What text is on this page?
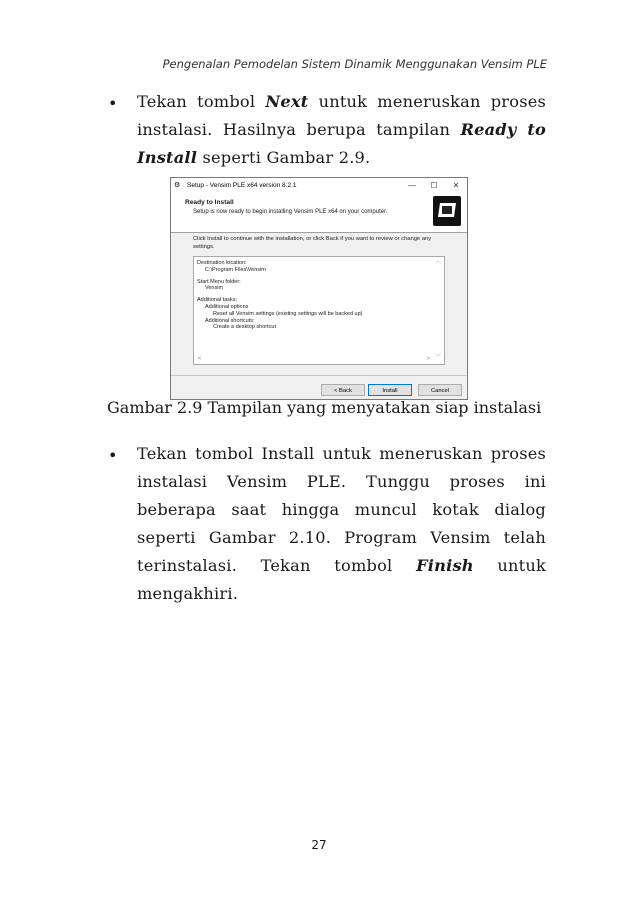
Pengenalan Pemodelan Sistem Dinamik Menggunakan Vensim PLE
• Tekan tombol Next untuk meneruskan proses instalasi. Hasilnya berupa tampilan Ready to Install seperti Gambar 2.9.
⚙	Setup - Vensim PLE x64 version 8.2.1	—	☐	✕
Ready to Install
Setup is now ready to begin installing Vensim PLE x64 on your computer.
Click Install to continue with the installation, or click Back if you want to review or change any settings.
Destination location:
C:\Program Files\Vensim
Start Menu folder:
Vensim
Additional tasks:
Additional options
Reset all Vensim settings (existing settings will be backed up)
Additional shortcuts:
Create a desktop shortcut
︿
﹀
<	>
< Back	Install	Cancel
Gambar 2.9 Tampilan yang menyatakan siap instalasi
• Tekan tombol Install untuk meneruskan proses instalasi Vensim PLE. Tunggu proses ini beberapa saat hingga muncul kotak dialog seperti Gambar 2.10. Program Vensim telah terinstalasi. Tekan tombol Finish untuk mengakhiri.
27
